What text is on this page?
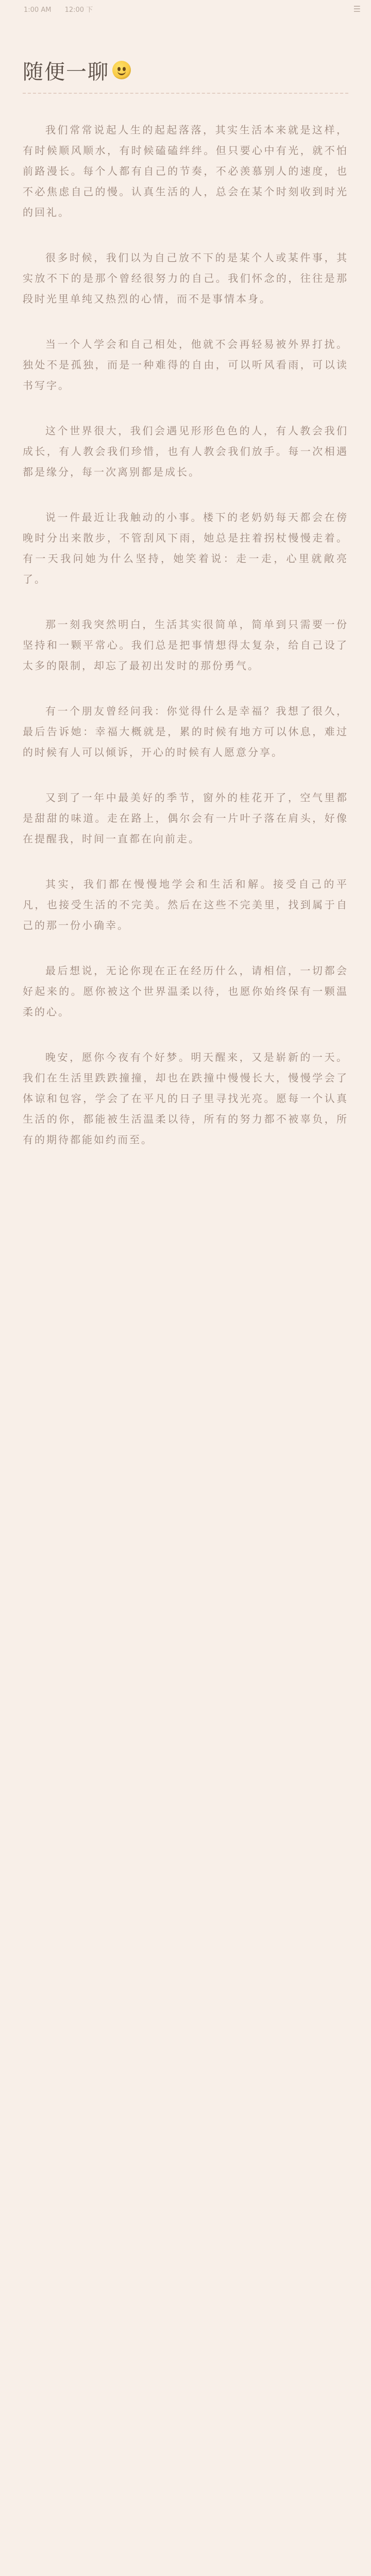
1:00 AM 12:00 下	☰
随便一聊

我们常常说起人生的起起落落，其实生活本来就是这样，有时候顺风顺水，有时候磕磕绊绊。但只要心中有光，就不怕前路漫长。每个人都有自己的节奏，不必羡慕别人的速度，也不必焦虑自己的慢。认真生活的人，总会在某个时刻收到时光的回礼。

很多时候，我们以为自己放不下的是某个人或某件事，其实放不下的是那个曾经很努力的自己。我们怀念的，往往是那段时光里单纯又热烈的心情，而不是事情本身。

当一个人学会和自己相处，他就不会再轻易被外界打扰。独处不是孤独，而是一种难得的自由，可以听风看雨，可以读书写字。

这个世界很大，我们会遇见形形色色的人，有人教会我们成长，有人教会我们珍惜，也有人教会我们放手。每一次相遇都是缘分，每一次离别都是成长。

说一件最近让我触动的小事。楼下的老奶奶每天都会在傍晚时分出来散步，不管刮风下雨，她总是拄着拐杖慢慢走着。有一天我问她为什么坚持，她笑着说：走一走，心里就敞亮了。

那一刻我突然明白，生活其实很简单，简单到只需要一份坚持和一颗平常心。我们总是把事情想得太复杂，给自己设了太多的限制，却忘了最初出发时的那份勇气。

有一个朋友曾经问我：你觉得什么是幸福？我想了很久，最后告诉她：幸福大概就是，累的时候有地方可以休息，难过的时候有人可以倾诉，开心的时候有人愿意分享。

又到了一年中最美好的季节，窗外的桂花开了，空气里都是甜甜的味道。走在路上，偶尔会有一片叶子落在肩头，好像在提醒我，时间一直都在向前走。

其实，我们都在慢慢地学会和生活和解。接受自己的平凡，也接受生活的不完美。然后在这些不完美里，找到属于自己的那一份小确幸。

最后想说，无论你现在正在经历什么，请相信，一切都会好起来的。愿你被这个世界温柔以待，也愿你始终保有一颗温柔的心。

晚安，愿你今夜有个好梦。明天醒来，又是崭新的一天。我们在生活里跌跌撞撞，却也在跌撞中慢慢长大，慢慢学会了体谅和包容，学会了在平凡的日子里寻找光亮。愿每一个认真生活的你，都能被生活温柔以待，所有的努力都不被辜负，所有的期待都能如约而至。
